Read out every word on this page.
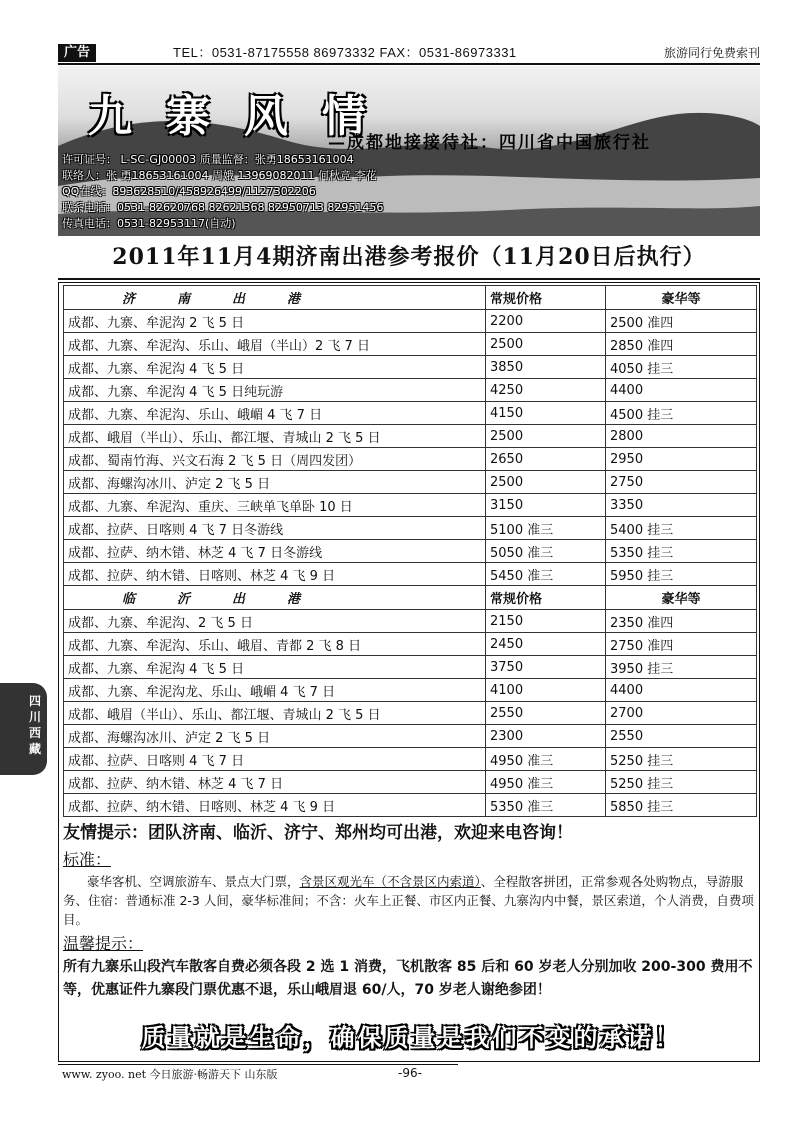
广告	TEL：0531-87175558 86973332 FAX：0531-86973331	旅游同行免费索刊
九寨风情
—成都地接接待社：四川省中国旅行社
许可证号： L-SC-GJ00003 质量监督：张勇18653161004
联络人：张 勇18653161004 周娥 13969082011 何秋竞 李花
QQ在线：893628510/458926499/1127302206
联系电话：0531-82620768 82621368 82950713 82951456
传真电话：0531-82953117(自动)
2011年11月4期济南出港参考报价（11月20日后执行）
济南出港	常规价格	豪华等
成都、九寨、牟泥沟 2 飞 5 日	2200	2500 准四
成都、九寨、牟泥沟、乐山、峨眉（半山）2 飞 7 日	2500	2850 准四
成都、九寨、牟泥沟 4 飞 5 日	3850	4050 挂三
成都、九寨、牟泥沟 4 飞 5 日纯玩游	4250	4400
成都、九寨、牟泥沟、乐山、峨嵋 4 飞 7 日	4150	4500 挂三
成都、峨眉（半山）、乐山、都江堰、青城山 2 飞 5 日	2500	2800
成都、蜀南竹海、兴文石海 2 飞 5 日（周四发团）	2650	2950
成都、海螺沟冰川、泸定 2 飞 5 日	2500	2750
成都、九寨、牟泥沟、重庆、三峡单飞单卧 10 日	3150	3350
成都、拉萨、日喀则 4 飞 7 日冬游线	5100 准三	5400 挂三
成都、拉萨、纳木错、林芝 4 飞 7 日冬游线	5050 准三	5350 挂三
成都、拉萨、纳木错、日喀则、林芝 4 飞 9 日	5450 准三	5950 挂三
临沂出港	常规价格	豪华等
成都、九寨、牟泥沟、2 飞 5 日	2150	2350 准四
成都、九寨、牟泥沟、乐山、峨眉、青都 2 飞 8 日	2450	2750 准四
成都、九寨、牟泥沟 4 飞 5 日	3750	3950 挂三
成都、九寨、牟泥沟龙、乐山、峨嵋 4 飞 7 日	4100	4400
成都、峨眉（半山）、乐山、都江堰、青城山 2 飞 5 日	2550	2700
成都、海螺沟冰川、泸定 2 飞 5 日	2300	2550
成都、拉萨、日喀则 4 飞 7 日	4950 准三	5250 挂三
成都、拉萨、纳木错、林芝 4 飞 7 日	4950 准三	5250 挂三
成都、拉萨、纳木错、日喀则、林芝 4 飞 9 日	5350 准三	5850 挂三
四川西藏

友情提示：团队济南、临沂、济宁、郑州均可出港，欢迎来电咨询！

标准：

豪华客机、空调旅游车、景点大门票，含景区观光车（不含景区内索道）、全程散客拼团，正常参观各处购物点，导游服务、住宿：普通标准 2-3 人间，豪华标准间；不含：火车上正餐、市区内正餐、九寨沟内中餐，景区索道，个人消费，自费项目。

温馨提示：

所有九寨乐山段汽车散客自费必须各段 2 选 1 消费，飞机散客 85 后和 60 岁老人分别加收 200-300 费用不等，优惠证件九寨段门票优惠不退，乐山峨眉退 60/人，70 岁老人谢绝参团！

质量就是生命，确保质量是我们不变的承诺！
www. zyoo. net 今日旅游·畅游天下 山东版	-96-
